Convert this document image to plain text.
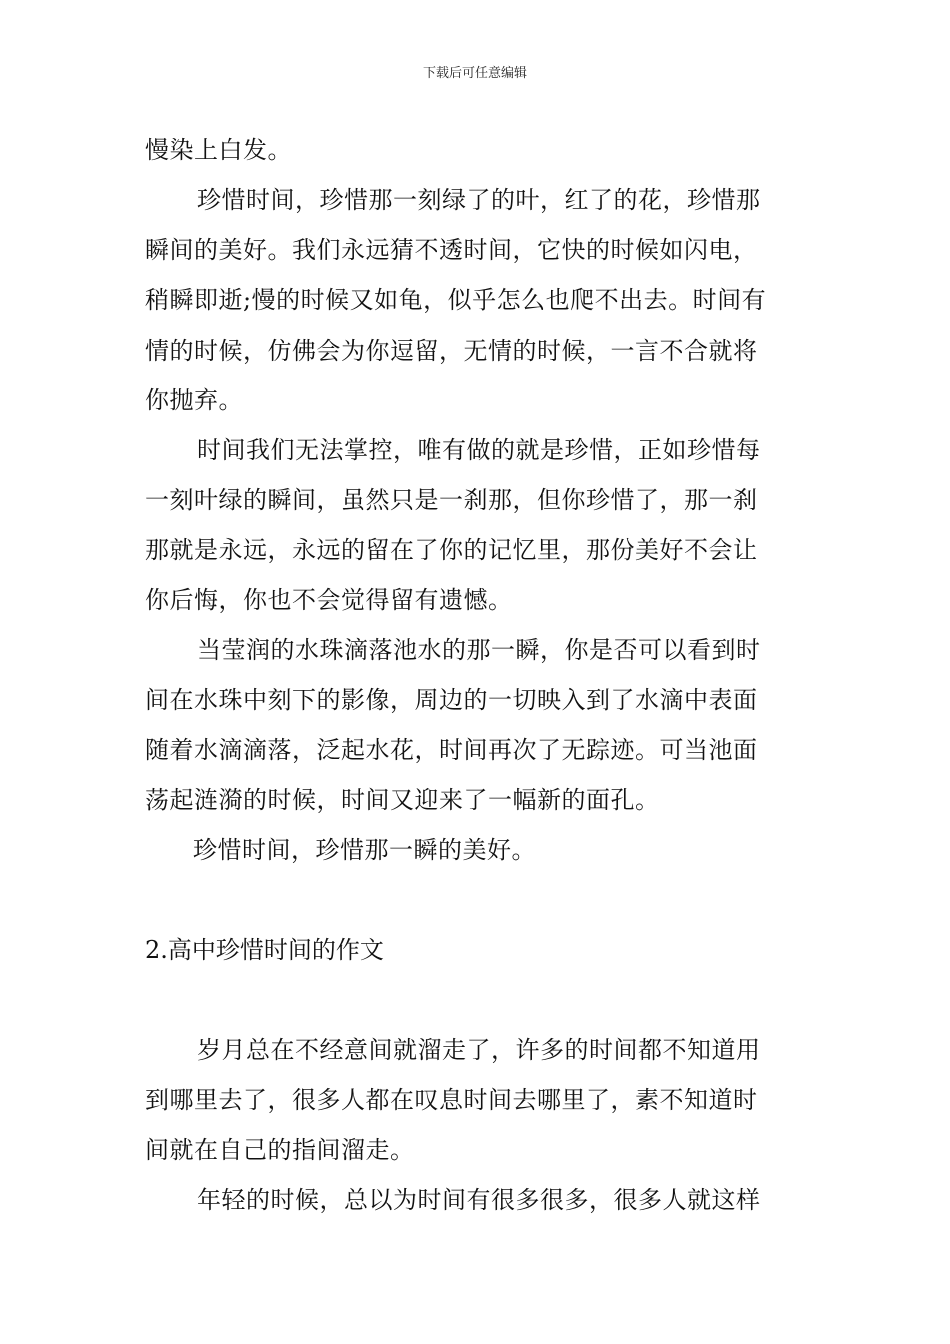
下载后可任意编辑
慢染上白发。
珍惜时间，珍惜那一刻绿了的叶，红了的花，珍惜那
瞬间的美好。我们永远猜不透时间，它快的时候如闪电，
稍瞬即逝;慢的时候又如龟，似乎怎么也爬不出去。时间有
情的时候，仿佛会为你逗留，无情的时候，一言不合就将
你抛弃。
时间我们无法掌控，唯有做的就是珍惜，正如珍惜每
一刻叶绿的瞬间，虽然只是一刹那，但你珍惜了，那一刹
那就是永远，永远的留在了你的记忆里，那份美好不会让
你后悔，你也不会觉得留有遗憾。
当莹润的水珠滴落池水的那一瞬，你是否可以看到时
间在水珠中刻下的影像，周边的一切映入到了水滴中表面
随着水滴滴落，泛起水花，时间再次了无踪迹。可当池面
荡起涟漪的时候，时间又迎来了一幅新的面孔。
珍惜时间，珍惜那一瞬的美好。
2.高中珍惜时间的作文
岁月总在不经意间就溜走了，许多的时间都不知道用
到哪里去了，很多人都在叹息时间去哪里了，素不知道时
间就在自己的指间溜走。
年轻的时候，总以为时间有很多很多，很多人就这样
